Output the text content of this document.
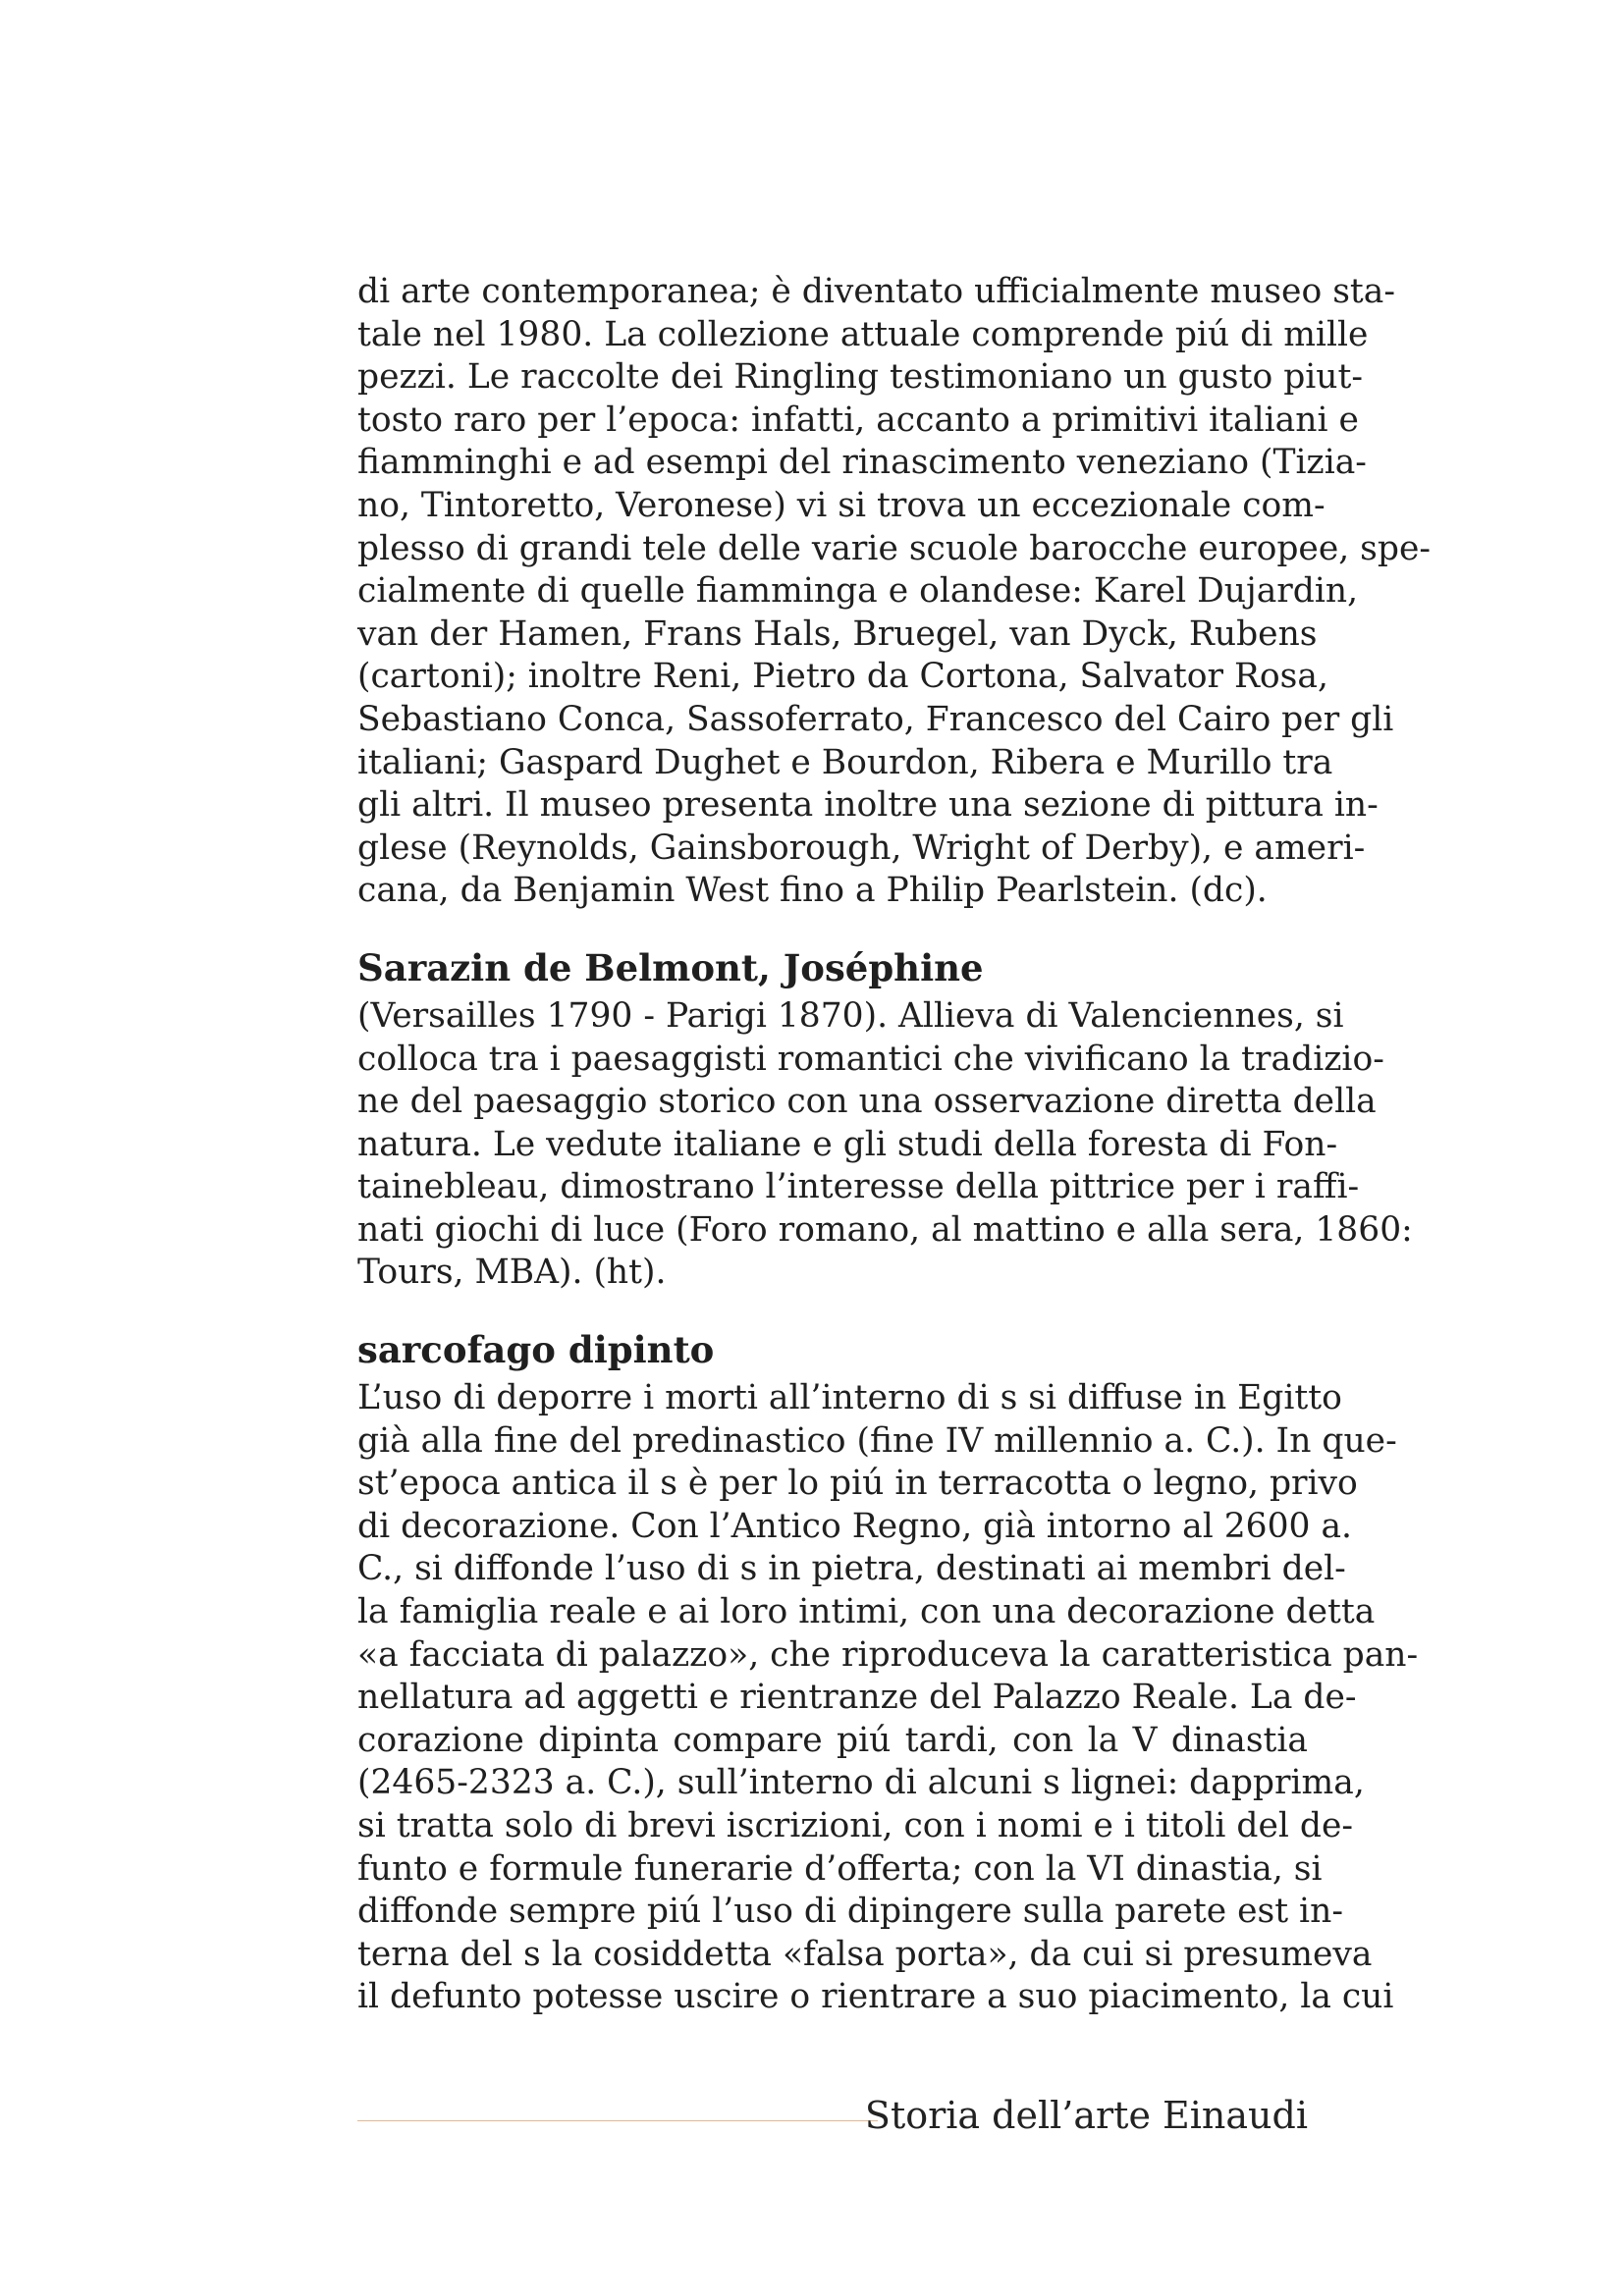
di arte contemporanea; è diventato ufficialmente museo sta-
tale nel 1980. La collezione attuale comprende piú di mille
pezzi. Le raccolte dei Ringling testimoniano un gusto piut-
tosto raro per l’epoca: infatti, accanto a primitivi italiani e
fiamminghi e ad esempi del rinascimento veneziano (Tizia-
no, Tintoretto, Veronese) vi si trova un eccezionale com-
plesso di grandi tele delle varie scuole barocche europee, spe-
cialmente di quelle fiamminga e olandese: Karel Dujardin,
van der Hamen, Frans Hals, Bruegel, van Dyck, Rubens
(cartoni); inoltre Reni, Pietro da Cortona, Salvator Rosa,
Sebastiano Conca, Sassoferrato, Francesco del Cairo per gli
italiani; Gaspard Dughet e Bourdon, Ribera e Murillo tra
gli altri. Il museo presenta inoltre una sezione di pittura in-
glese (Reynolds, Gainsborough, Wright of Derby), e ameri-
cana, da Benjamin West fino a Philip Pearlstein. (dc).
Sarazin de Belmont, Joséphine
(Versailles 1790 - Parigi 1870). Allieva di Valenciennes, si
colloca tra i paesaggisti romantici che vivificano la tradizio-
ne del paesaggio storico con una osservazione diretta della
natura. Le vedute italiane e gli studi della foresta di Fon-
tainebleau, dimostrano l’interesse della pittrice per i raffi-
nati giochi di luce (Foro romano, al mattino e alla sera, 1860:
Tours, MBA). (ht).
sarcofago dipinto
L’uso di deporre i morti all’interno di s si diffuse in Egitto
già alla fine del predinastico (fine IV millennio a. C.). In que-
st’epoca antica il s è per lo piú in terracotta o legno, privo
di decorazione. Con l’Antico Regno, già intorno al 2600 a.
C., si diffonde l’uso di s in pietra, destinati ai membri del-
la famiglia reale e ai loro intimi, con una decorazione detta
«a facciata di palazzo», che riproduceva la caratteristica pan-
nellatura ad aggetti e rientranze del Palazzo Reale. La de-
corazione dipinta compare piú tardi, con la V dinastia
(2465-2323 a. C.), sull’interno di alcuni s lignei: dapprima,
si tratta solo di brevi iscrizioni, con i nomi e i titoli del de-
funto e formule funerarie d’offerta; con la VI dinastia, si
diffonde sempre piú l’uso di dipingere sulla parete est in-
terna del s la cosiddetta «falsa porta», da cui si presumeva
il defunto potesse uscire o rientrare a suo piacimento, la cui
Storia dell’arte Einaudi
